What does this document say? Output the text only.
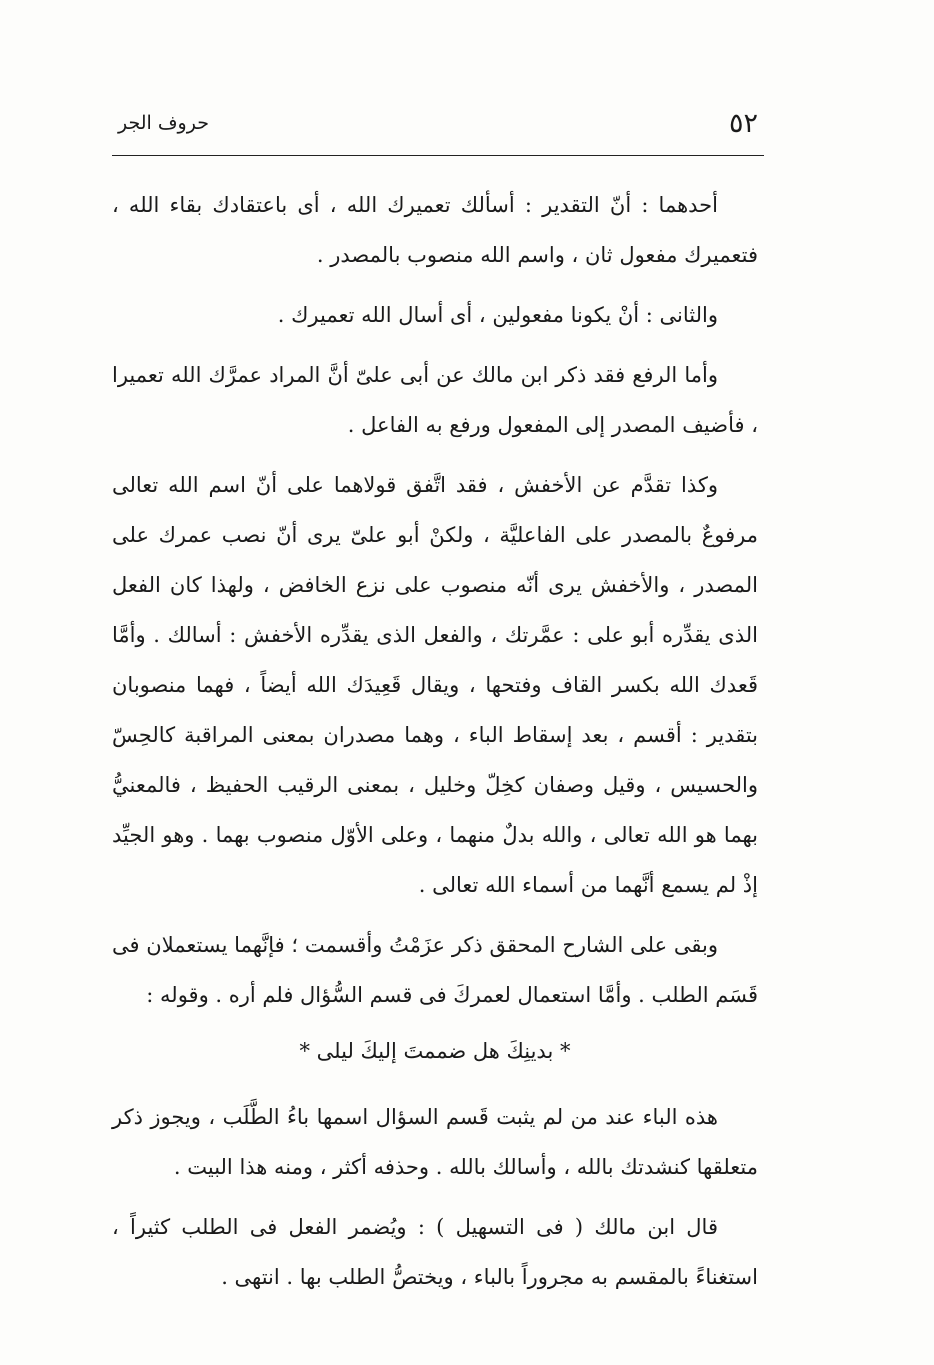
حروف الجر	٥٢

أحدهما : أنّ التقدير : أسألك تعميرك الله ، أى باعتقادك بقاء الله ، فتعميرك مفعول ثان ، واسم الله منصوب بالمصدر .

والثانى : أنْ يكونا مفعولين ، أى أسال الله تعميرك .

وأما الرفع فقد ذكر ابن مالك عن أبى علىّ أنَّ المراد عمرَّك الله تعميرا ، فأضيف المصدر إلى المفعول ورفع به الفاعل .

وكذا تقدَّم عن الأخفش ، فقد اتَّفق قولاهما على أنّ اسم الله تعالى مرفوعٌ بالمصدر على الفاعليَّة ، ولكنْ أبو علىّ يرى أنّ نصب عمرك على المصدر ، والأخفش يرى أنّه منصوب على نزع الخافض ، ولهذا كان الفعل الذى يقدِّره أبو على : عمَّرتك ، والفعل الذى يقدِّره الأخفش : أسالك . وأمَّا قَعدك الله بكسر القاف وفتحها ، ويقال قَعِيدَك الله أيضاً ، فهما منصوبان بتقدير : أقسم ، بعد إسقاط الباء ، وهما مصدران بمعنى المراقبة كالحِسّ والحسيس ، وقيل وصفان كخِلّ وخليل ، بمعنى الرقيب الحفيظ ، فالمعنيُّ بهما هو الله تعالى ، والله بدلٌ منهما ، وعلى الأوّل منصوب بهما . وهو الجيِّد إذْ لم يسمع أنَّهما من أسماء الله تعالى .

وبقى على الشارح المحقق ذكر عزَمْتُ وأقسمت ؛ فإنَّهما يستعملان فى قَسَم الطلب . وأمَّا استعمال لعمركَ فى قسم السُّؤال فلم أره . وقوله :

* بدينِكَ هل ضممتَ إليكَ ليلى *

هذه الباء عند من لم يثبت قَسم السؤال اسمها باءُ الطَّلَب ، ويجوز ذكر متعلقها كنشدتك بالله ، وأسالك بالله . وحذفه أكثر ، ومنه هذا البيت .

قال ابن مالك ( فى التسهيل ) : ويُضمر الفعل فى الطلب كثيراً ، استغناءً بالمقسم به مجروراً بالباء ، ويختصُّ الطلب بها . انتهى .
